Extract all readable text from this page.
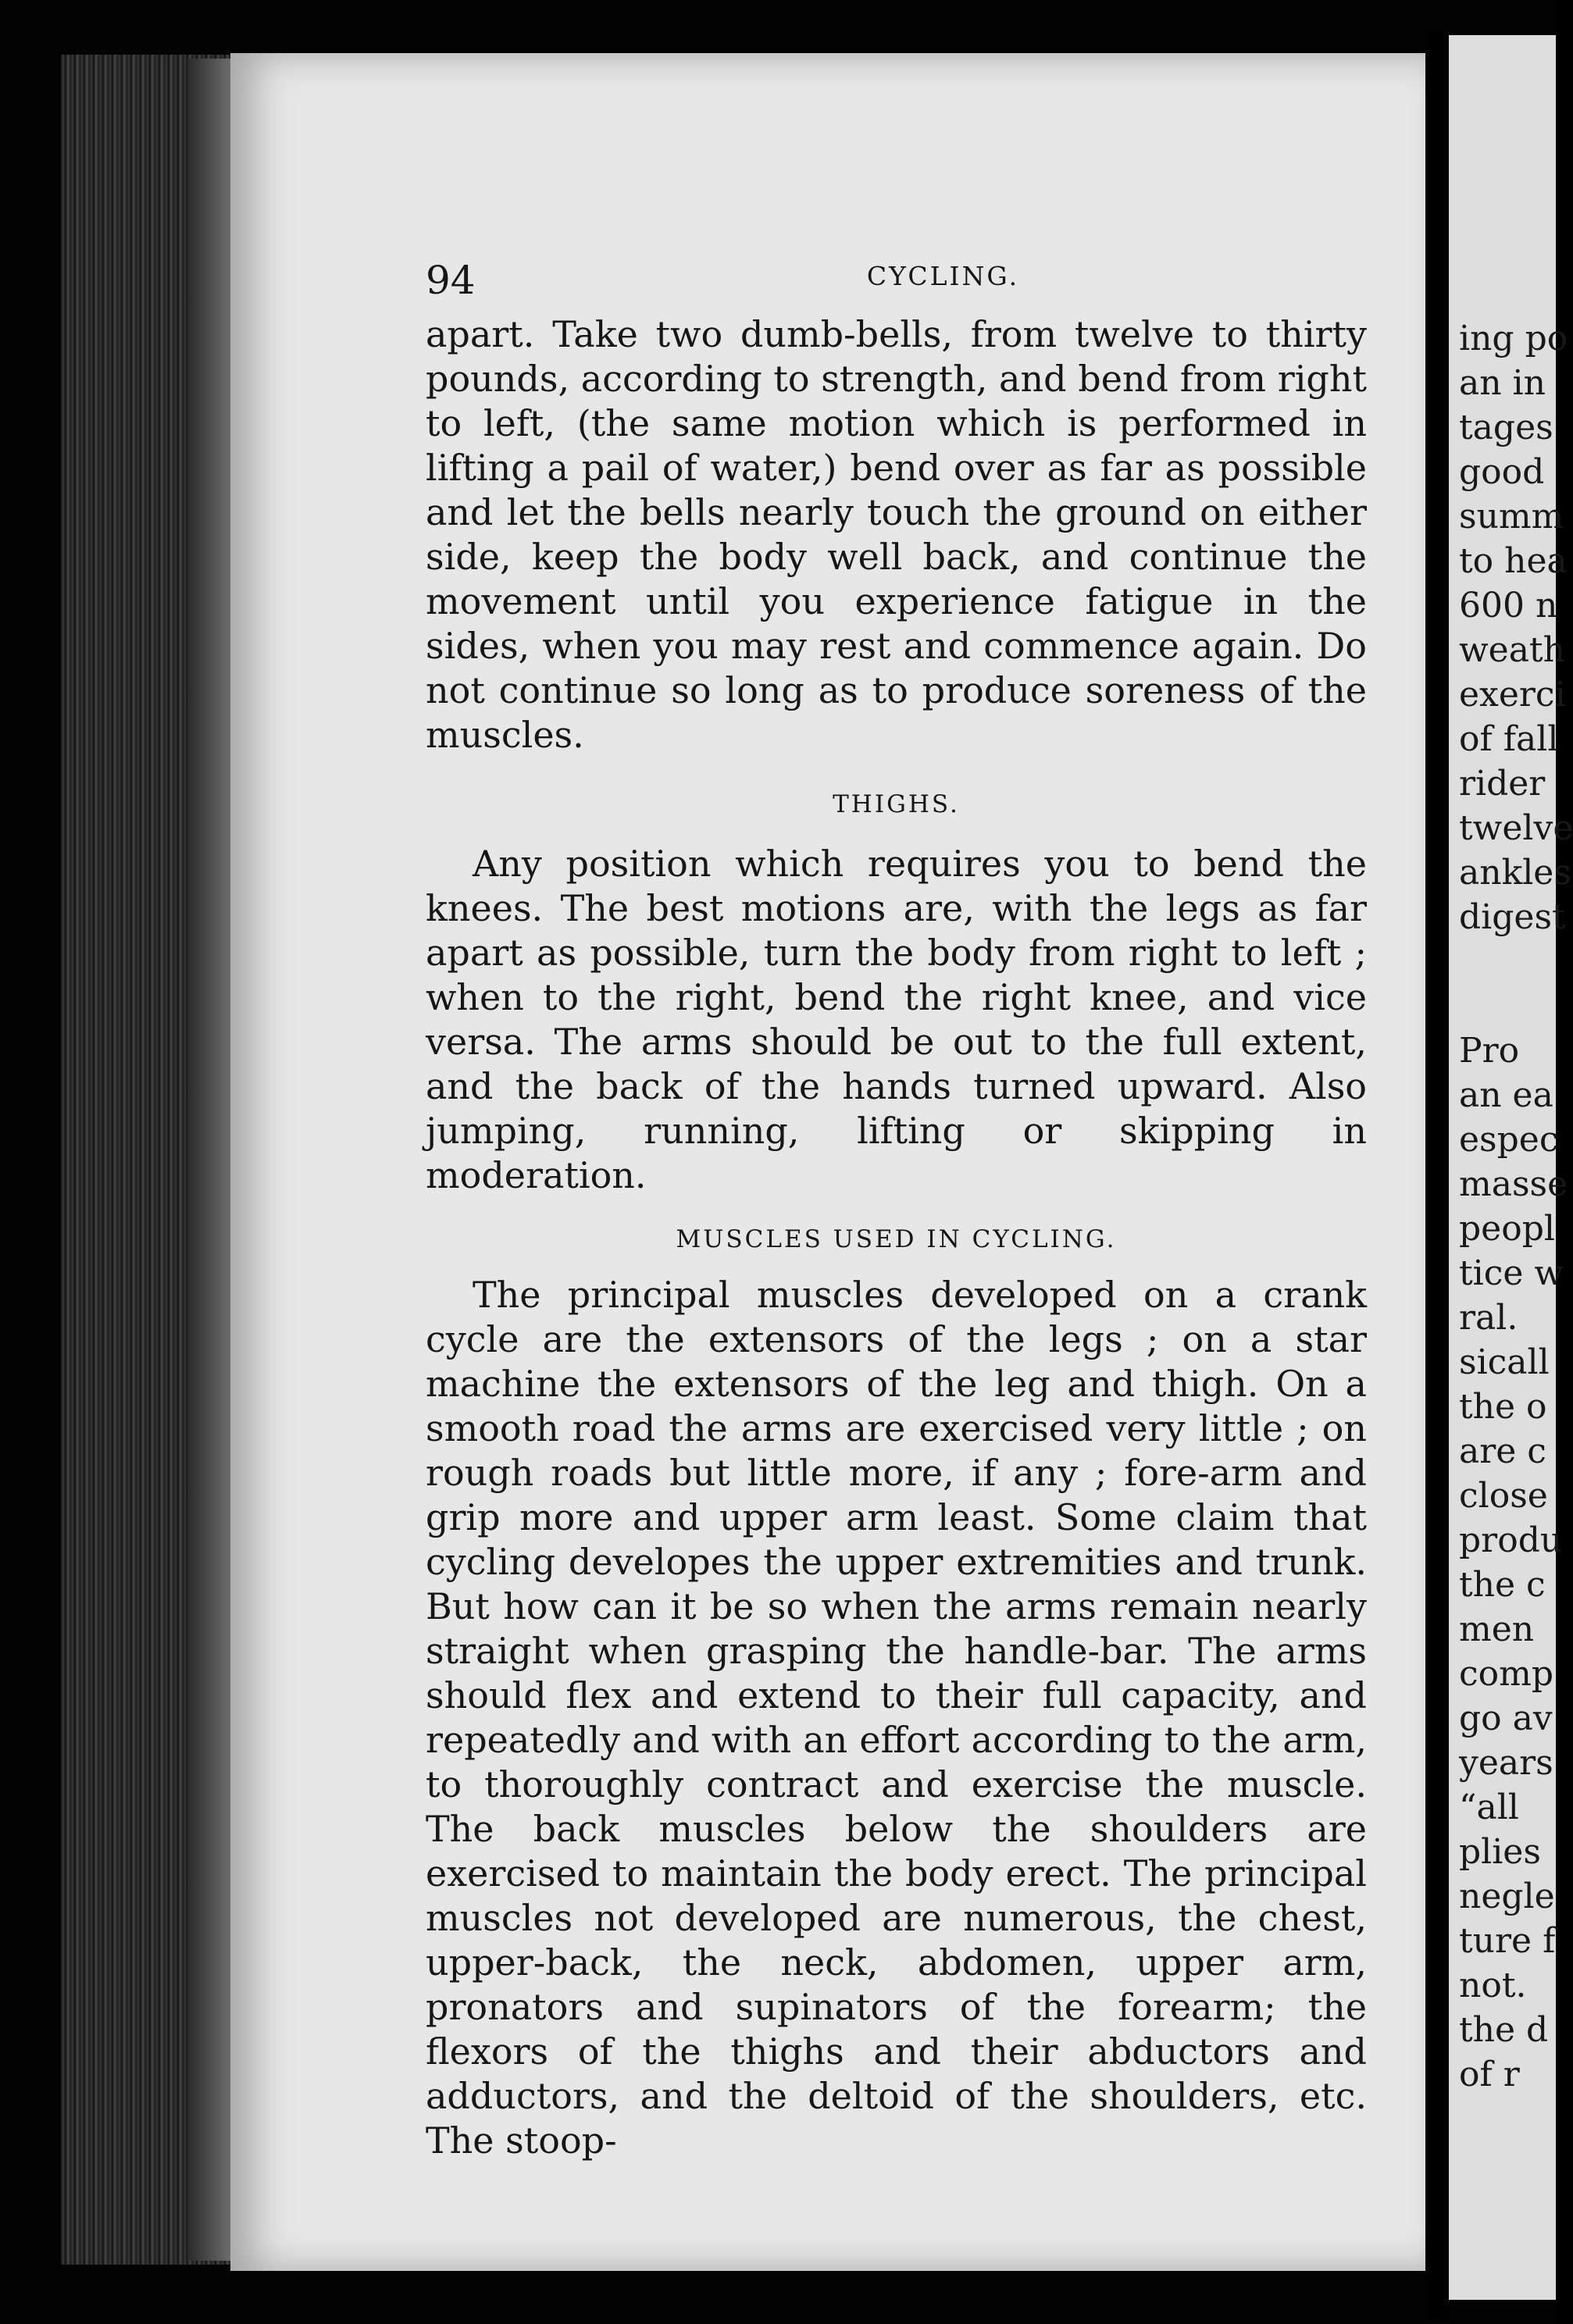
94	CYCLING.

apart. Take two dumb-bells, from twelve to thirty pounds, according to strength, and bend from right to left, (the same motion which is performed in lifting a pail of water,) bend over as far as possible and let the bells nearly touch the ground on either side, keep the body well back, and continue the movement until you experience fatigue in the sides, when you may rest and commence again. Do not continue so long as to produce soreness of the muscles.

THIGHS.

Any position which requires you to bend the knees. The best motions are, with the legs as far apart as possible, turn the body from right to left ; when to the right, bend the right knee, and vice versa. The arms should be out to the full extent, and the back of the hands turned upward. Also jumping, running, lifting or skipping in moderation.

MUSCLES USED IN CYCLING.

The principal muscles developed on a crank cycle are the extensors of the legs ; on a star machine the extensors of the leg and thigh. On a smooth road the arms are exercised very little ; on rough roads but little more, if any ; fore-arm and grip more and upper arm least. Some claim that cycling developes the upper extremities and trunk. But how can it be so when the arms remain nearly straight when grasping the handle-bar. The arms should flex and extend to their full capacity, and repeatedly and with an effort according to the arm, to thoroughly contract and exercise the muscle. The back muscles below the shoulders are exercised to maintain the body erect. The principal muscles not developed are numerous, the chest, upper-back, the neck, abdomen, upper arm, pronators and supinators of the forearm; the flexors of the thighs and their abductors and adductors, and the deltoid of the shoulders, etc. The stoop-

ing po
an in
tages
good
summ
to hea
600 n
weath
exerci
of fall
rider
twelve
ankles
digest

Pro
an ea
espec
masse
peopl
tice w
ral.
sicall
the o
are c
close
produ
the c
men
comp
go av
years
“all
plies
negle
ture f
not.
the d
of r
